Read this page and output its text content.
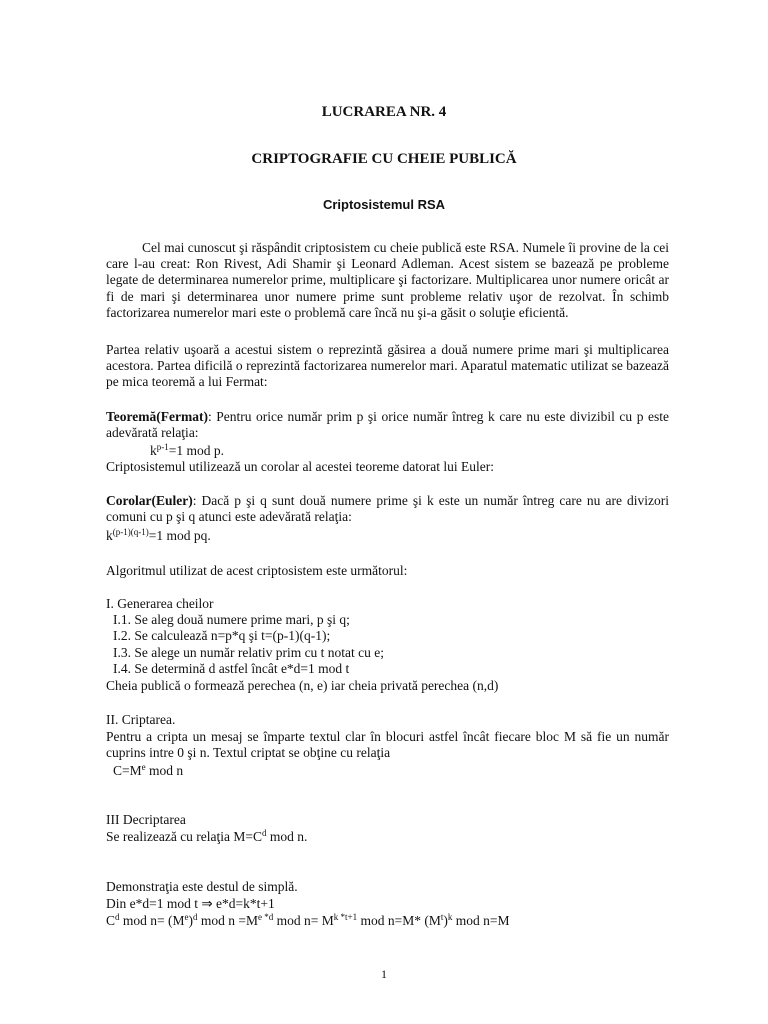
LUCRAREA NR. 4
CRIPTOGRAFIE CU CHEIE PUBLICĂ
Criptosistemul RSA
Cel mai cunoscut şi răspândit criptosistem cu cheie publică este RSA. Numele îi provine de la cei care l-au creat: Ron Rivest, Adi Shamir şi Leonard Adleman. Acest sistem se bazează pe probleme legate de determinarea numerelor prime, multiplicare şi factorizare. Multiplicarea unor numere oricât ar fi de mari şi determinarea unor numere prime sunt probleme relativ uşor de rezolvat. În schimb factorizarea numerelor mari este o problemă care încă nu şi-a găsit o soluţie eficientă.
Partea relativ uşoară a acestui sistem o reprezintă găsirea a două numere prime mari şi multiplicarea acestora. Partea dificilă o reprezintă factorizarea numerelor mari. Aparatul matematic utilizat se bazează pe mica teoremă a lui Fermat:
Teoremă(Fermat): Pentru orice număr prim p şi orice număr întreg k care nu este divizibil cu p este adevărată relaţia:
$k^{p-1}=1$ mod p.
Criptosistemul utilizează un corolar al acestei teoreme datorat lui Euler:
Corolar(Euler): Dacă p şi q sunt două numere prime şi k este un număr întreg care nu are divizori comuni cu p şi q atunci este adevărată relaţia:
$k^{(p-1)(q-1)}=1$ mod pq.
Algoritmul utilizat de acest criptosistem este următorul:
I. Generarea cheilor
I.1. Se aleg două numere prime mari, p şi q;
I.2. Se calculează n=p*q şi t=(p-1)(q-1);
I.3. Se alege un număr relativ prim cu t notat cu e;
I.4. Se determină d astfel încât e*d=1 mod t
Cheia publică o formează perechea (n, e) iar cheia privată perechea (n,d)
II. Criptarea.
Pentru a cripta un mesaj se împarte textul clar în blocuri astfel încât fiecare bloc M să fie un număr cuprins intre 0 şi n. Textul criptat se obţine cu relaţia
$C=M^e$ mod n
III Decriptarea
Se realizează cu relaţia $M=C^d$ mod n.
Demonstraţia este destul de simplă.
Din e*d=1 mod t ⇒ e*d=k*t+1
$C^d$ mod $n= (M^e)^d$ mod $n =M^{e *d}$ mod $n= M^{k *t+1}$ mod n=M* $(M^t)^k$ mod n=M
1
